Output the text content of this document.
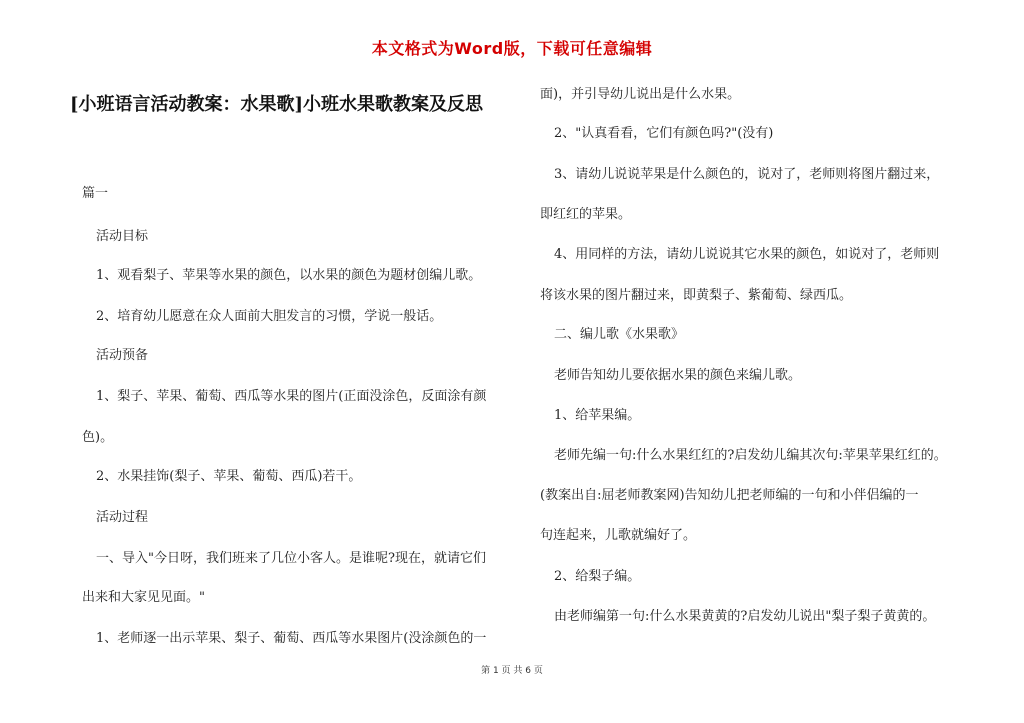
本文格式为Word版，下载可任意编辑
[小班语言活动教案：水果歌]小班水果歌教案及反思

篇一

活动目标

1、观看梨子、苹果等水果的颜色，以水果的颜色为题材创编儿歌。

2、培育幼儿愿意在众人面前大胆发言的习惯，学说一般话。

活动预备

1、梨子、苹果、葡萄、西瓜等水果的图片(正面没涂色，反面涂有颜

色)。

2、水果挂饰(梨子、苹果、葡萄、西瓜)若干。

活动过程

一、导入"今日呀，我们班来了几位小客人。是谁呢?现在，就请它们

出来和大家见见面。"

1、老师逐一出示苹果、梨子、葡萄、西瓜等水果图片(没涂颜色的一

面)，并引导幼儿说出是什么水果。

2、"认真看看，它们有颜色吗?"(没有)

3、请幼儿说说苹果是什么颜色的，说对了，老师则将图片翻过来，

即红红的苹果。

4、用同样的方法，请幼儿说说其它水果的颜色，如说对了，老师则

将该水果的图片翻过来，即黄梨子、紫葡萄、绿西瓜。

二、编儿歌《水果歌》

老师告知幼儿要依据水果的颜色来编儿歌。

1、给苹果编。

老师先编一句:什么水果红红的?启发幼儿编其次句:苹果苹果红红的。

(教案出自:屈老师教案网)告知幼儿把老师编的一句和小伴侣编的一

句连起来，儿歌就编好了。

2、给梨子编。

由老师编第一句:什么水果黄黄的?启发幼儿说出"梨子梨子黄黄的。

第 1 页 共 6 页
